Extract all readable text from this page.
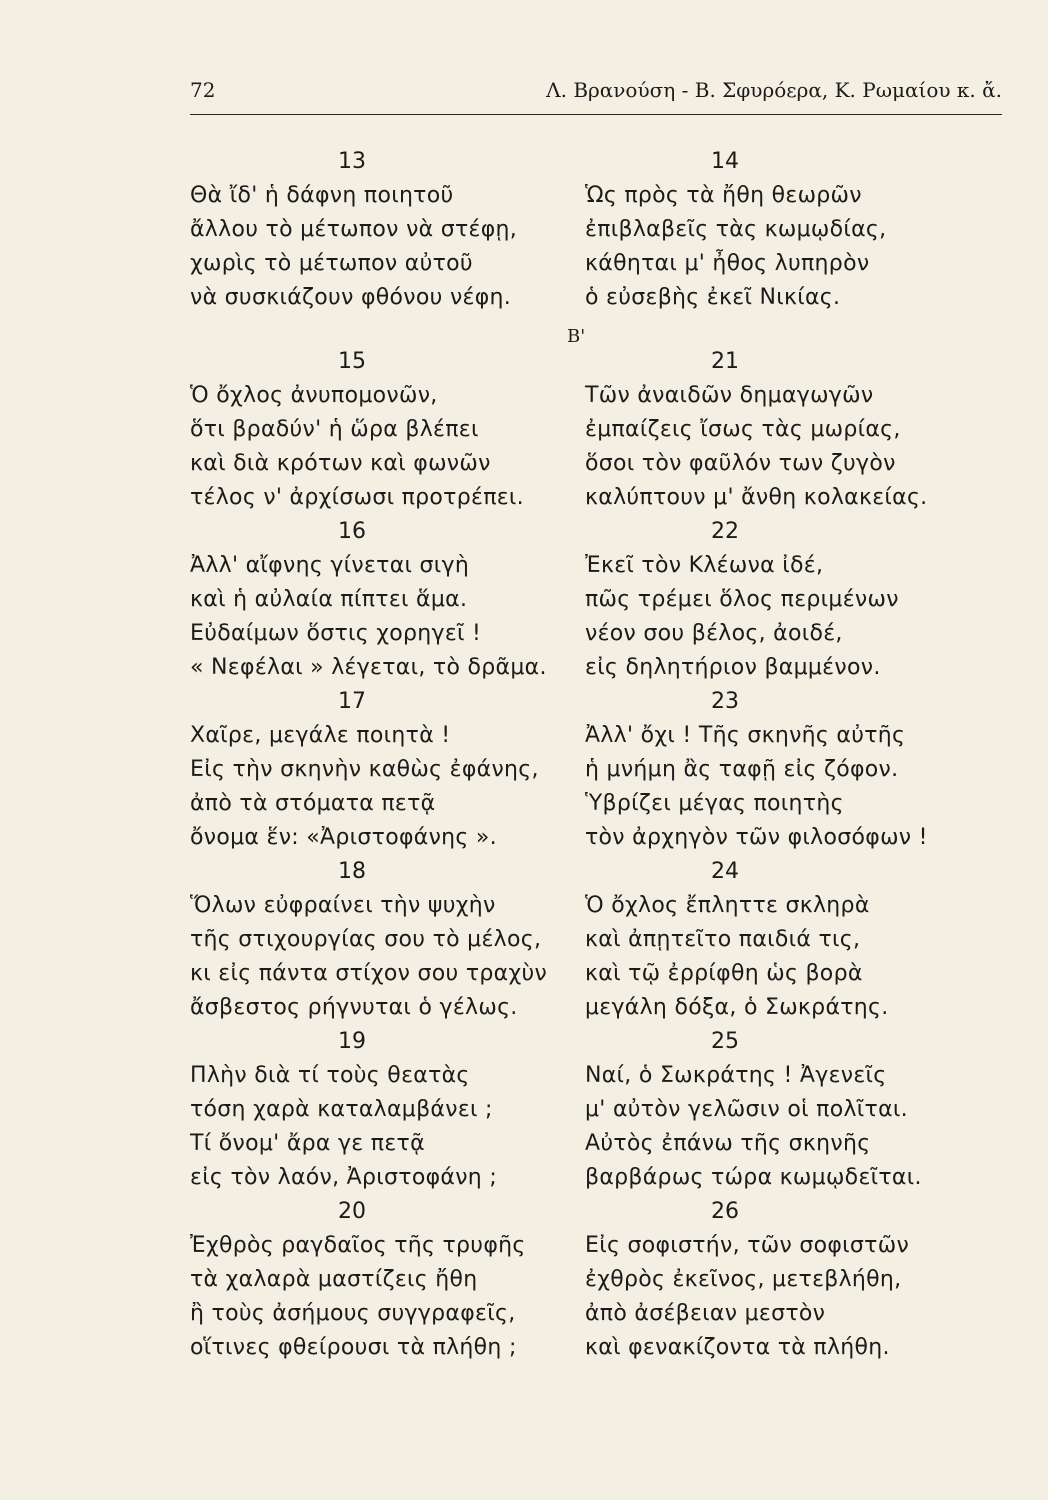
72	Λ. Βρανούση - Β. Σφυρόερα, Κ. Ρωμαίου κ. ἄ.
Β'
13
Θὰ ἴδ' ἡ δάφνη ποιητοῦ
ἄλλου τὸ μέτωπον νὰ στέφῃ,
χωρὶς τὸ μέτωπον αὐτοῦ
νὰ συσκιάζουν φθόνου νέφη.
15
Ὁ ὄχλος ἀνυπομονῶν,
ὅτι βραδύν' ἡ ὥρα βλέπει
καὶ διὰ κρότων καὶ φωνῶν
τέλος ν' ἀρχίσωσι προτρέπει.
16
Ἀλλ' αἴφνης γίνεται σιγὴ
καὶ ἡ αὐλαία πίπτει ἅμα.
Εὐδαίμων ὅστις χορηγεῖ !
« Νεφέλαι » λέγεται, τὸ δρᾶμα.
17
Χαῖρε, μεγάλε ποιητὰ !
Εἰς τὴν σκηνὴν καθὼς ἐφάνης,
ἀπὸ τὰ στόματα πετᾷ
ὄνομα ἕν: «Ἀριστοφάνης ».
18
Ὅλων εὐφραίνει τὴν ψυχὴν
τῆς στιχουργίας σου τὸ μέλος,
κι εἰς πάντα στίχον σου τραχὺν
ἄσβεστος ρήγνυται ὁ γέλως.
19
Πλὴν διὰ τί τοὺς θεατὰς
τόση χαρὰ καταλαμβάνει ;
Τί ὄνομ' ἄρα γε πετᾷ
εἰς τὸν λαόν, Ἀριστοφάνη ;
20
Ἐχθρὸς ραγδαῖος τῆς τρυφῆς
τὰ χαλαρὰ μαστίζεις ἤθη
ἢ τοὺς ἀσήμους συγγραφεῖς,
οἵτινες φθείρουσι τὰ πλήθη ;
14
Ὡς πρὸς τὰ ἤθη θεωρῶν
ἐπιβλαβεῖς τὰς κωμῳδίας,
κάθηται μ' ἦθος λυπηρὸν
ὁ εὐσεβὴς ἐκεῖ Νικίας.
21
Τῶν ἀναιδῶν δημαγωγῶν
ἐμπαίζεις ἴσως τὰς μωρίας,
ὅσοι τὸν φαῦλόν των ζυγὸν
καλύπτουν μ' ἄνθη κολακείας.
22
Ἐκεῖ τὸν Κλέωνα ἰδέ,
πῶς τρέμει ὅλος περιμένων
νέον σου βέλος, ἀοιδέ,
εἰς δηλητήριον βαμμένον.
23
Ἀλλ' ὄχι ! Τῆς σκηνῆς αὐτῆς
ἡ μνήμη ἂς ταφῇ εἰς ζόφον.
Ὑβρίζει μέγας ποιητὴς
τὸν ἀρχηγὸν τῶν φιλοσόφων !
24
Ὁ ὄχλος ἔπληττε σκληρὰ
καὶ ἀπῃτεῖτο παιδιά τις,
καὶ τῷ ἐρρίφθη ὡς βορὰ
μεγάλη δόξα, ὁ Σωκράτης.
25
Ναί, ὁ Σωκράτης ! Ἀγενεῖς
μ' αὐτὸν γελῶσιν οἱ πολῖται.
Αὐτὸς ἐπάνω τῆς σκηνῆς
βαρβάρως τώρα κωμῳδεῖται.
26
Εἰς σοφιστήν, τῶν σοφιστῶν
ἐχθρὸς ἐκεῖνος, μετεβλήθη,
ἀπὸ ἀσέβειαν μεστὸν
καὶ φενακίζοντα τὰ πλήθη.
